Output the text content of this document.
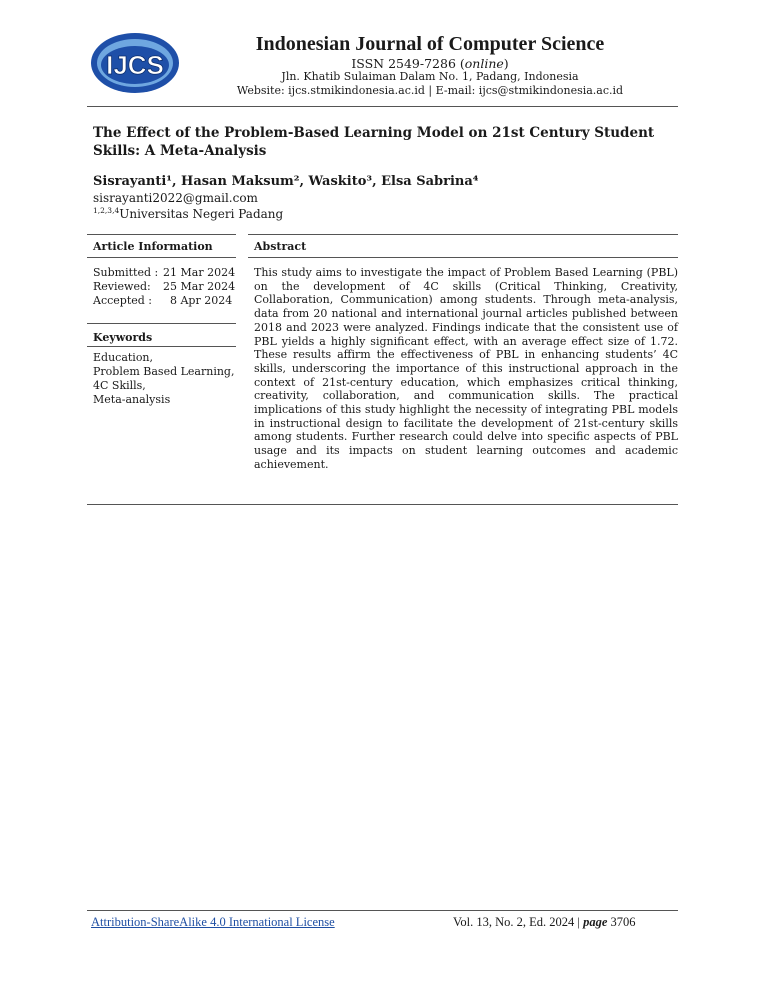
IJCS
Indonesian Journal of Computer Science
ISSN 2549-7286 (online)
Jln. Khatib Sulaiman Dalam No. 1, Padang, Indonesia
Website: ijcs.stmikindonesia.ac.id | E-mail: ijcs@stmikindonesia.ac.id
The Effect of the Problem-Based Learning Model on 21st Century Student Skills: A Meta-Analysis
Sisrayanti¹, Hasan Maksum², Waskito³, Elsa Sabrina⁴
sisrayanti2022@gmail.com
$^{1,2,3,4}$Universitas Negeri Padang
Article Information
Submitted : 21 Mar 2024
Reviewed:	25 Mar 2024
Accepted :	8 Apr 2024
Keywords
Education,
Problem Based Learning,
4C Skills,
Meta-analysis
Abstract
This study aims to investigate the impact of Problem Based Learning (PBL) on the development of 4C skills (Critical Thinking, Creativity, Collaboration, Communication) among students. Through meta-analysis, data from 20 national and international journal articles published between 2018 and 2023 were analyzed. Findings indicate that the consistent use of PBL yields a highly significant effect, with an average effect size of 1.72. These results affirm the effectiveness of PBL in enhancing students’ 4C skills, underscoring the importance of this instructional approach in the context of 21st-century education, which emphasizes critical thinking, creativity, collaboration, and communication skills. The practical implications of this study highlight the necessity of integrating PBL models in instructional design to facilitate the development of 21st-century skills among students. Further research could delve into specific aspects of PBL usage and its impacts on student learning outcomes and academic achievement.
Attribution-ShareAlike 4.0 International License	Vol. 13, No. 2, Ed. 2024 | page 3706
